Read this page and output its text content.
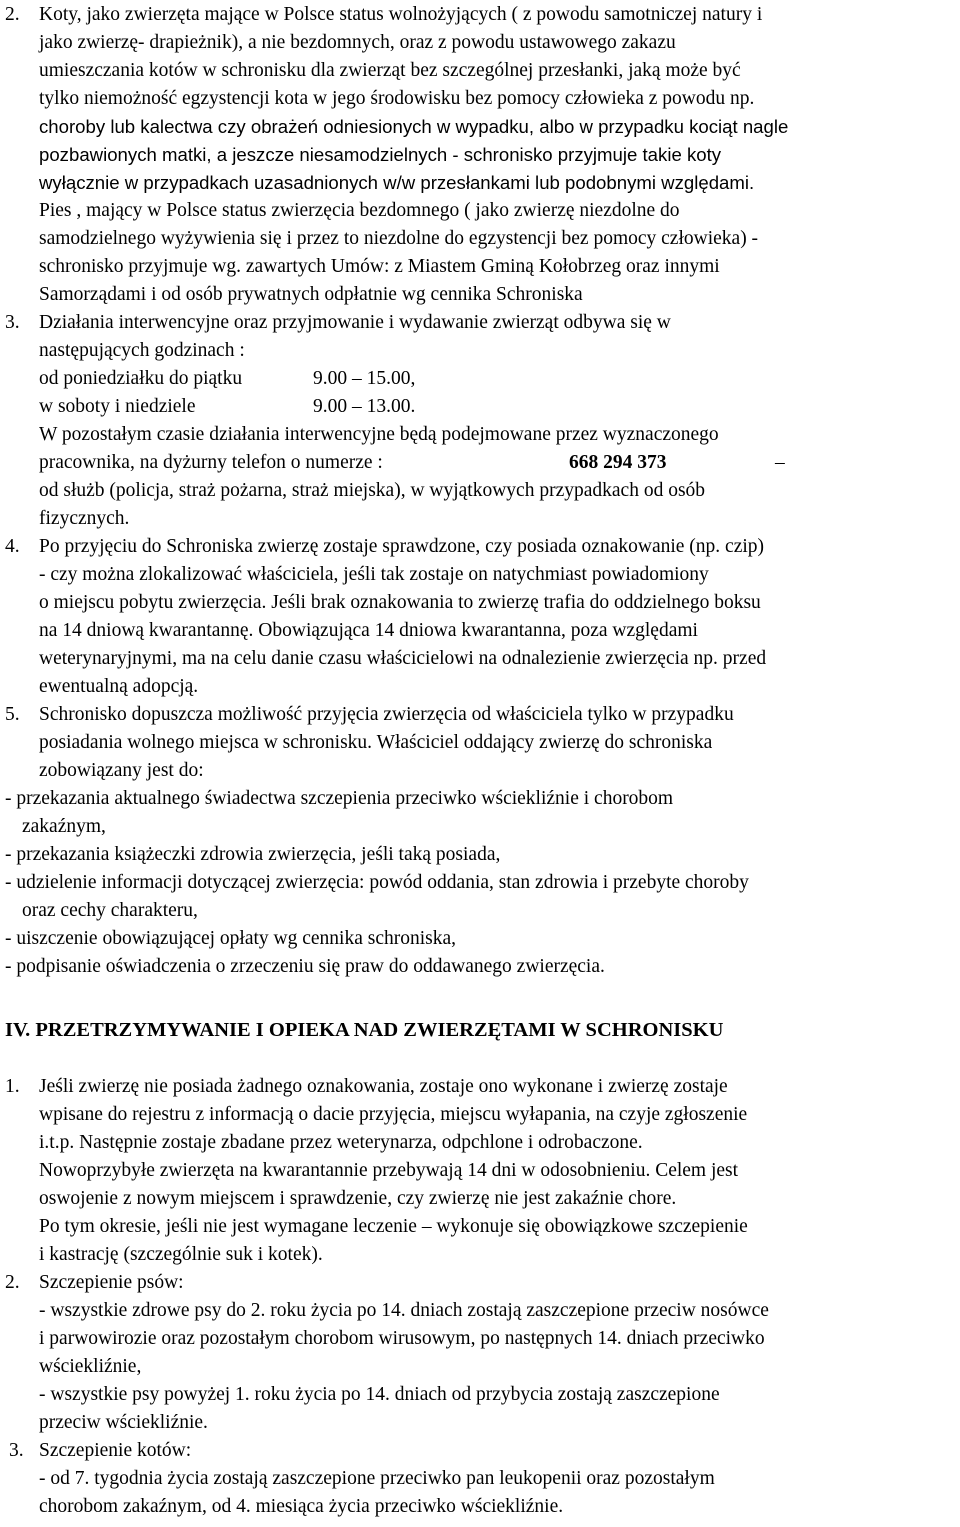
2. Koty, jako zwierzęta mające w Polsce status wolnożyjących ( z powodu samotniczej natury i
jako zwierzę- drapieżnik), a nie bezdomnych, oraz z powodu ustawowego zakazu
umieszczania kotów w schronisku dla zwierząt bez szczególnej przesłanki, jaką może być
tylko niemożność egzystencji kota w jego środowisku bez pomocy człowieka z powodu np.
choroby lub kalectwa czy obrażeń odniesionych w wypadku, albo w przypadku kociąt nagle
pozbawionych matki, a jeszcze niesamodzielnych - schronisko przyjmuje takie koty
wyłącznie w przypadkach uzasadnionych w/w przesłankami lub podobnymi względami.
Pies , mający w Polsce status zwierzęcia bezdomnego ( jako zwierzę niezdolne do
samodzielnego wyżywienia się i przez to niezdolne do egzystencji bez pomocy człowieka) -
schronisko przyjmuje wg. zawartych Umów: z Miastem Gminą Kołobrzeg oraz innymi
Samorządami i od osób prywatnych odpłatnie wg cennika Schroniska
3. Działania interwencyjne oraz przyjmowanie i wydawanie zwierząt odbywa się w
następujących godzinach :
od poniedziałku do piątku	9.00 – 15.00,
w soboty i niedziele	9.00 – 13.00.
W pozostałym czasie działania interwencyjne będą podejmowane przez wyznaczonego
pracownika, na dyżurny telefon o numerze :	668 294 373	–
od służb (policja, straż pożarna, straż miejska), w wyjątkowych przypadkach od osób
fizycznych.
4. Po przyjęciu do Schroniska zwierzę zostaje sprawdzone, czy posiada oznakowanie (np. czip)
- czy można zlokalizować właściciela, jeśli tak zostaje on natychmiast powiadomiony
o miejscu pobytu zwierzęcia. Jeśli brak oznakowania to zwierzę trafia do oddzielnego boksu
na 14 dniową kwarantannę. Obowiązująca 14 dniowa kwarantanna, poza względami
weterynaryjnymi, ma na celu danie czasu właścicielowi na odnalezienie zwierzęcia np. przed
ewentualną adopcją.
5. Schronisko dopuszcza możliwość przyjęcia zwierzęcia od właściciela tylko w przypadku
posiadania wolnego miejsca w schronisku. Właściciel oddający zwierzę do schroniska
zobowiązany jest do:
- przekazania aktualnego świadectwa szczepienia przeciwko wściekliźnie i chorobom
zakaźnym,
- przekazania książeczki zdrowia zwierzęcia, jeśli taką posiada,
- udzielenie informacji dotyczącej zwierzęcia: powód oddania, stan zdrowia i przebyte choroby
oraz cechy charakteru,
- uiszczenie obowiązującej opłaty wg cennika schroniska,
- podpisanie oświadczenia o zrzeczeniu się praw do oddawanego zwierzęcia.
IV. PRZETRZYMYWANIE I OPIEKA NAD ZWIERZĘTAMI W SCHRONISKU
1. Jeśli zwierzę nie posiada żadnego oznakowania, zostaje ono wykonane i zwierzę zostaje
wpisane do rejestru z informacją o dacie przyjęcia, miejscu wyłapania, na czyje zgłoszenie
i.t.p. Następnie zostaje zbadane przez weterynarza, odpchlone i odrobaczone.
Nowoprzybyłe zwierzęta na kwarantannie przebywają 14 dni w odosobnieniu. Celem jest
oswojenie z nowym miejscem i sprawdzenie, czy zwierzę nie jest zakaźnie chore.
Po tym okresie, jeśli nie jest wymagane leczenie – wykonuje się obowiązkowe szczepienie
i kastrację (szczególnie suk i kotek).
2. Szczepienie psów:
- wszystkie zdrowe psy do 2. roku życia po 14. dniach zostają zaszczepione przeciw nosówce
i parwowirozie oraz pozostałym chorobom wirusowym, po następnych 14. dniach przeciwko
wściekliźnie,
- wszystkie psy powyżej 1. roku życia po 14. dniach od przybycia zostają zaszczepione
przeciw wściekliźnie.
3. Szczepienie kotów:
- od 7. tygodnia życia zostają zaszczepione przeciwko pan leukopenii oraz pozostałym
chorobom zakaźnym, od 4. miesiąca życia przeciwko wściekliźnie.
